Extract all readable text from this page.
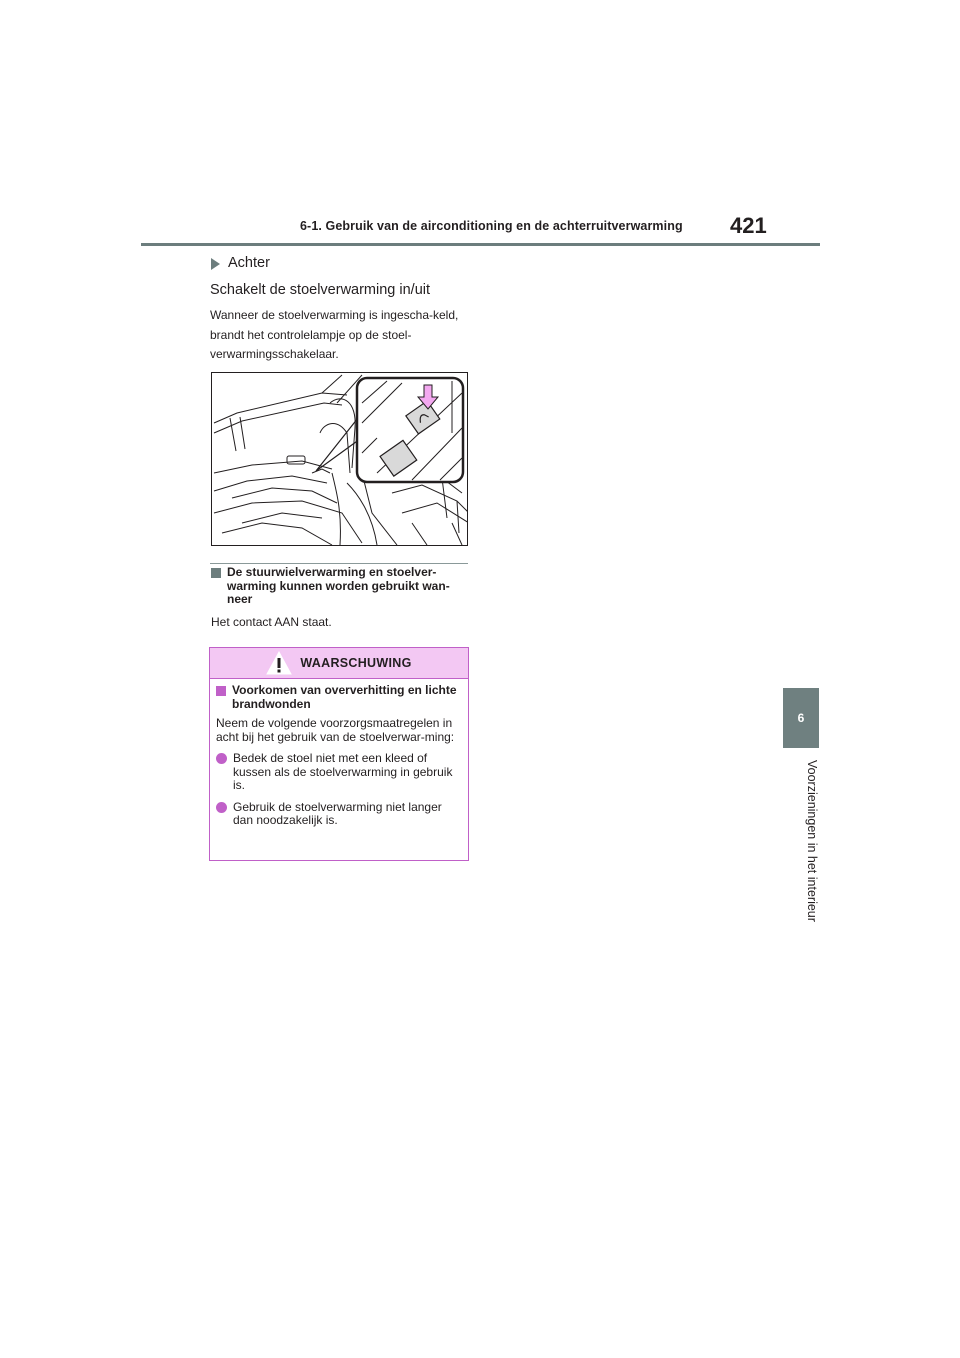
6-1. Gebruik van de airconditioning en de achterruitverwarming	421
6
Voorzieningen in het interieur
Achter
Schakelt de stoelverwarming in/uit
Wanneer de stoelverwarming is ingescha-keld, brandt het controlelampje op de stoel-verwarmingsschakelaar.
De stuurwielverwarming en stoelver-warming kunnen worden gebruikt wan-neer
Het contact AAN staat.
WAARSCHUWING
Voorkomen van oververhitting en lichte brandwonden
Neem de volgende voorzorgsmaatregelen in acht bij het gebruik van de stoelverwar-ming:
Bedek de stoel niet met een kleed of kussen als de stoelverwarming in gebruik is.
Gebruik de stoelverwarming niet langer dan noodzakelijk is.
